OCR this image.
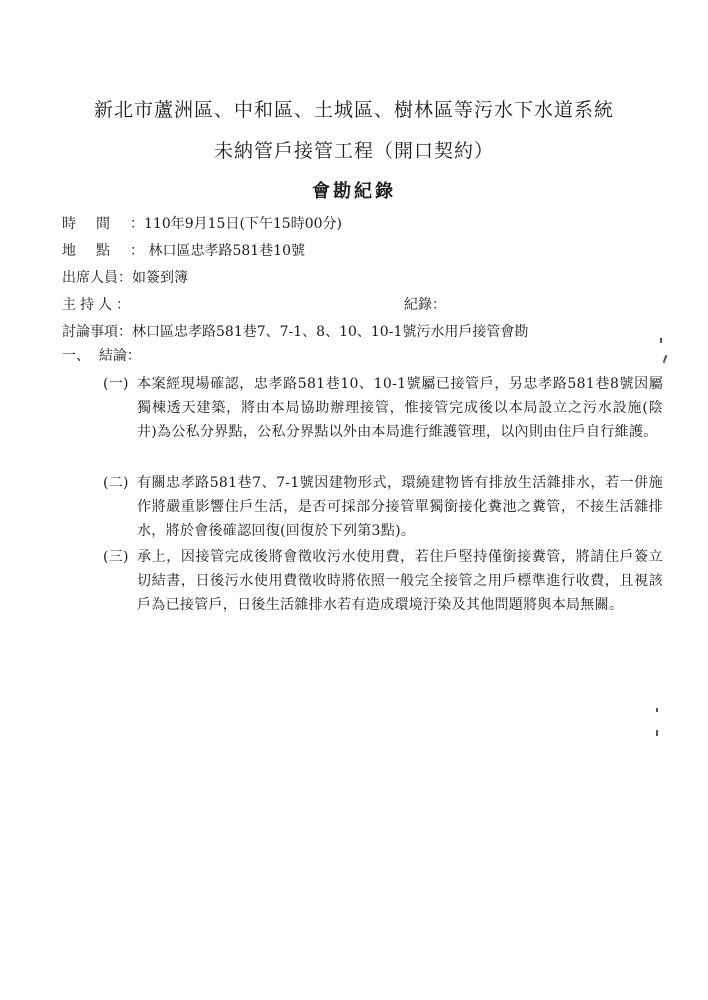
新北市蘆洲區、中和區、土城區、樹林區等污水下水道系統
未納管戶接管工程（開口契約）
會勘紀錄
時間：110年9月15日(下午15時00分)
地點： 林口區忠孝路581巷10號
出席人員：如簽到簿
主持人：	紀錄：
討論事項：林口區忠孝路581巷7、7-1、8、10、10-1號污水用戶接管會勘
一、 結論：
(一) 本案經現場確認，忠孝路581巷10、10-1號屬已接管戶，另忠孝路581巷8號因屬獨棟透天建築，將由本局協助辦理接管，惟接管完成後以本局設立之污水設施(陰井)為公私分界點，公私分界點以外由本局進行維護管理，以內則由住戶自行維護。
(二) 有關忠孝路581巷7、7-1號因建物形式，環繞建物皆有排放生活雜排水，若一併施作將嚴重影響住戶生活，是否可採部分接管單獨銜接化糞池之糞管，不接生活雜排水，將於會後確認回復(回復於下列第3點)。
(三) 承上，因接管完成後將會徵收污水使用費，若住戶堅持僅銜接糞管，將請住戶簽立切結書，日後污水使用費徵收時將依照一般完全接管之用戶標準進行收費，且視該戶為已接管戶，日後生活雜排水若有造成環境汙染及其他問題將與本局無關。
